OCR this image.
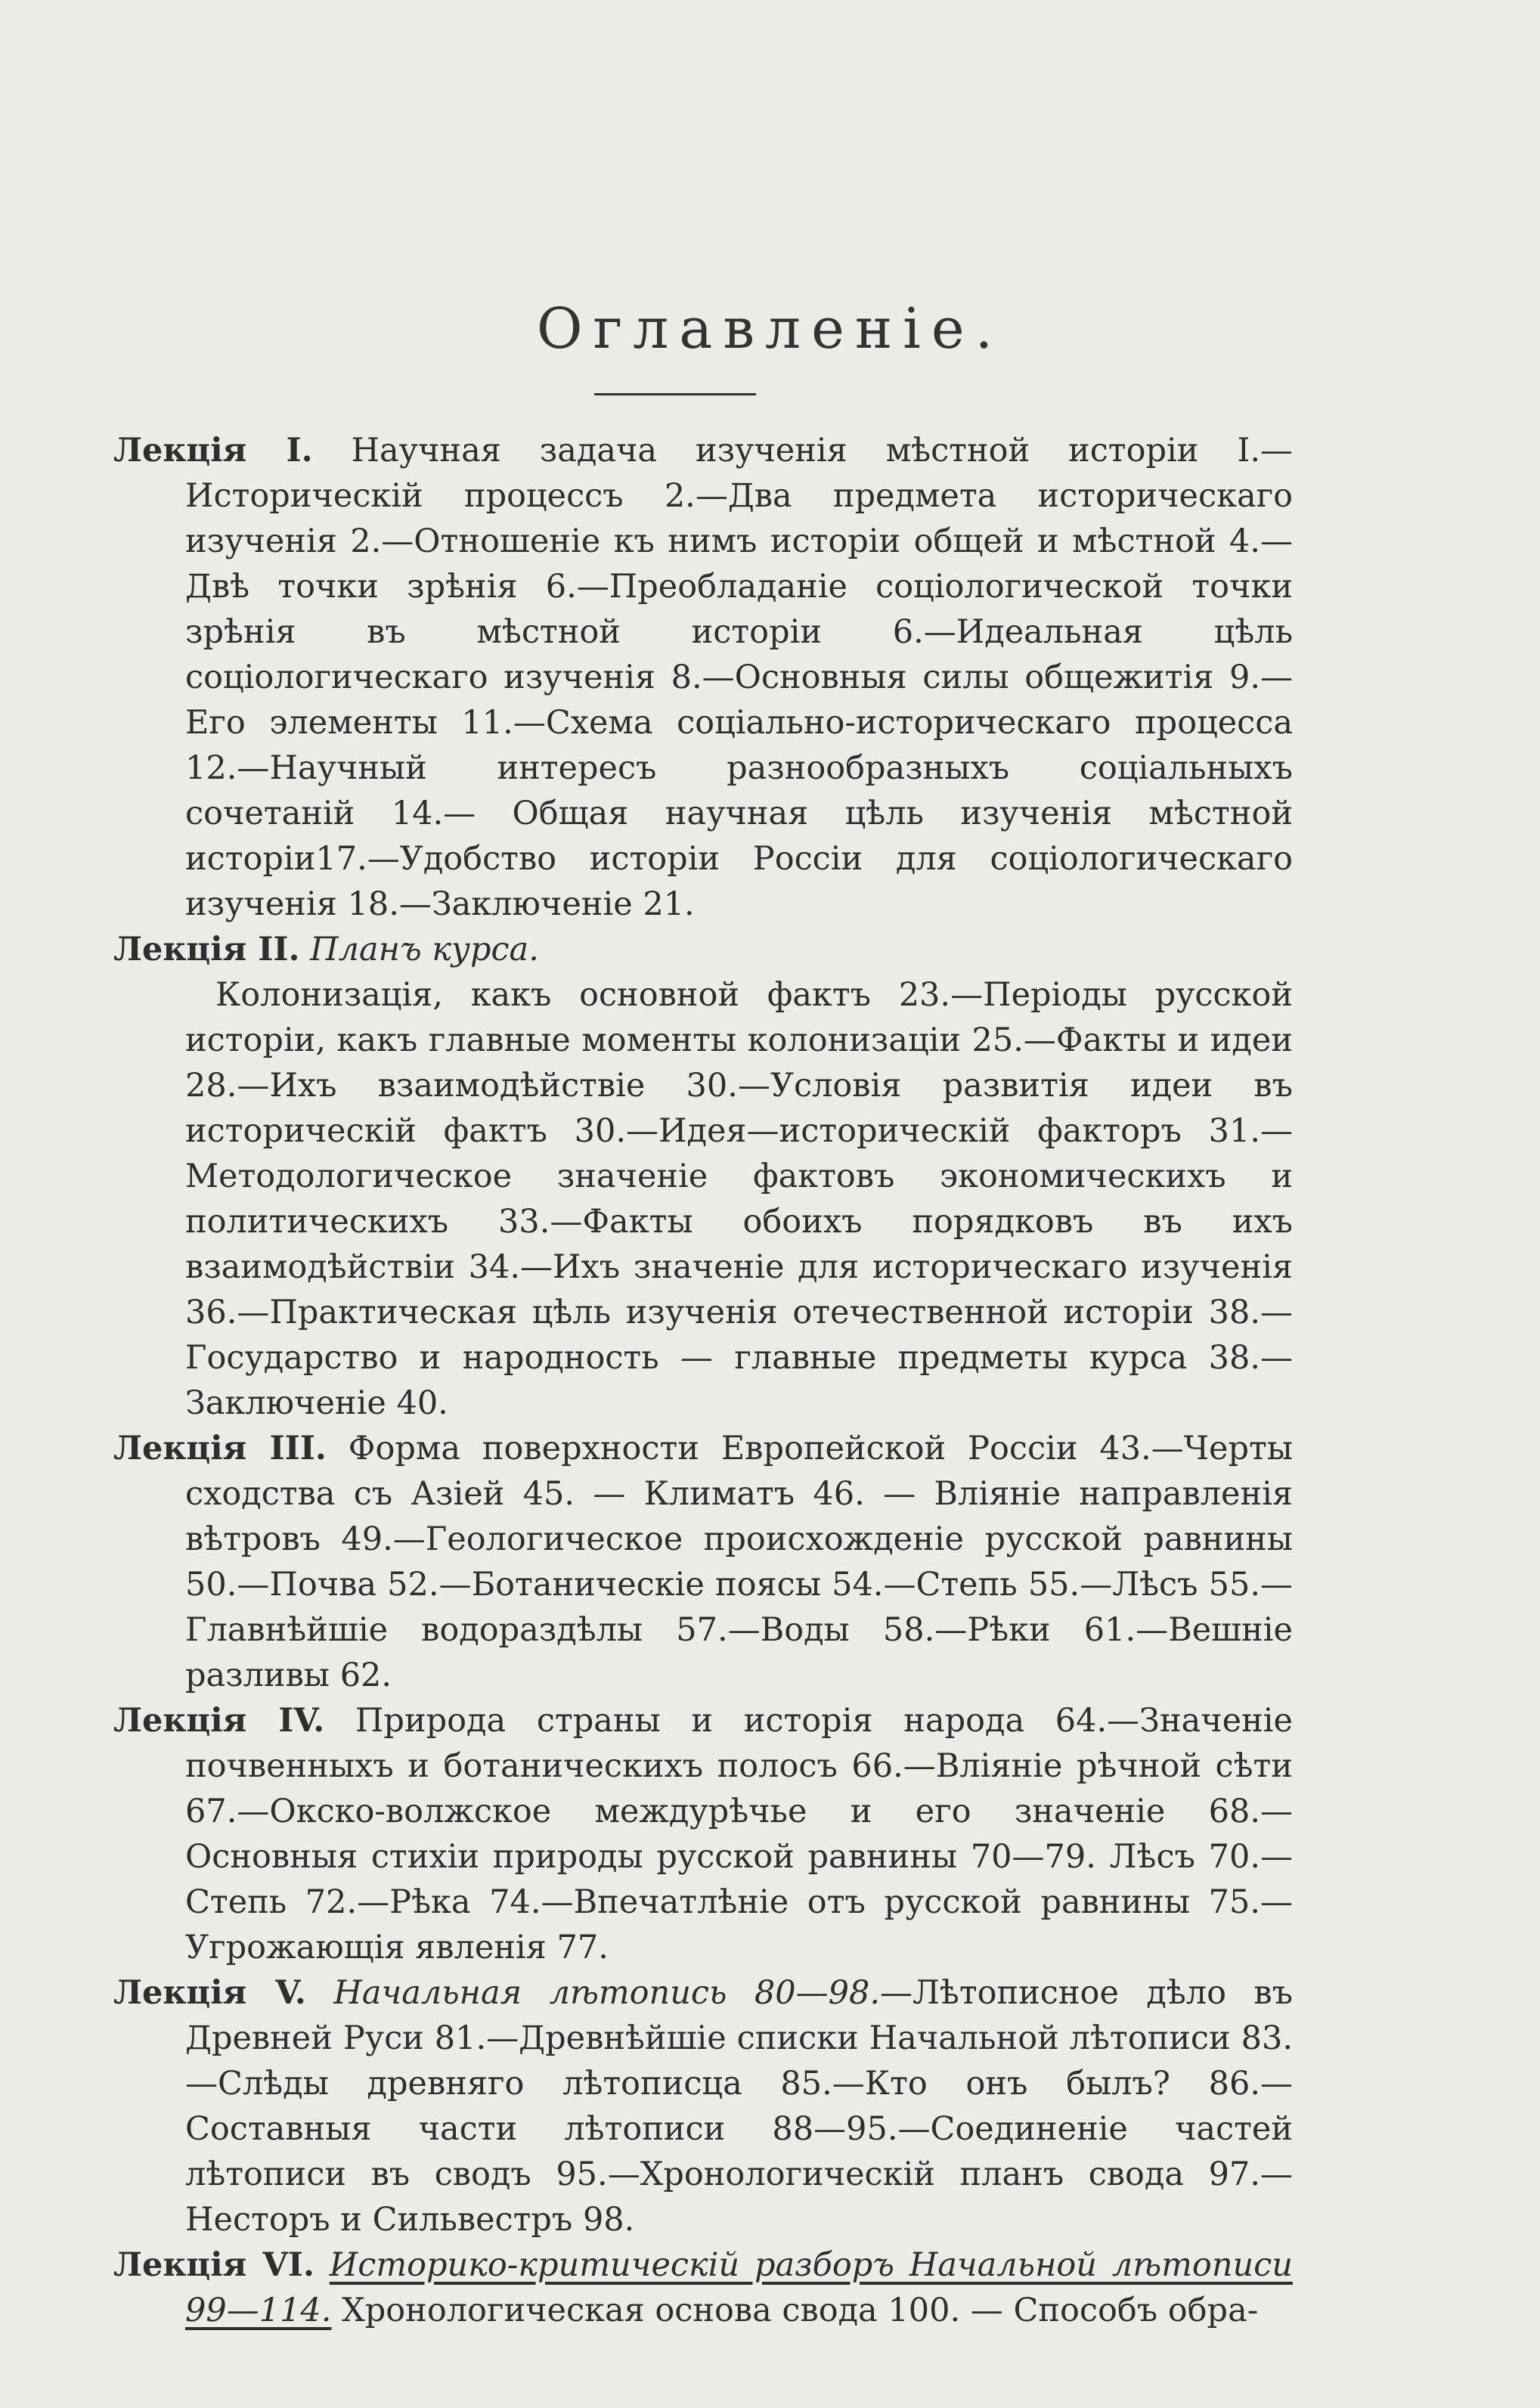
Оглавленіе.

Лекція I. Научная задача изученія мѣстной исторіи I.—Историческій процессъ 2.—Два предмета историческаго изученія 2.—Отношеніе къ нимъ исторіи общей и мѣстной 4.—Двѣ точки зрѣнія 6.—Преобладаніе соціологической точки зрѣнія въ мѣстной исторіи 6.—Идеальная цѣль соціологическаго изученія 8.—Основныя силы общежитія 9.—Его элементы 11.—Схема соціально-историческаго процесса 12.—Научный интересъ разнообразныхъ соціальныхъ сочетаній 14.— Общая научная цѣль изученія мѣстной исторіи17.—Удобство исторіи Россіи для соціологическаго изученія 18.—Заключеніе 21.

Лекція II. Планъ курса.

Колонизація, какъ основной фактъ 23.—Періоды русской исторіи, какъ главные моменты колонизаціи 25.—Факты и идеи 28.—Ихъ взаимодѣйствіе 30.—Условія развитія идеи въ историческій фактъ 30.—Идея—историческій факторъ 31.—Методологическое значеніе фактовъ экономическихъ и политическихъ 33.—Факты обоихъ порядковъ въ ихъ взаимодѣйствіи 34.—Ихъ значеніе для историческаго изученія 36.—Практическая цѣль изученія отечественной исторіи 38.—Государство и народность — главные предметы курса 38.—Заключеніе 40.

Лекція III. Форма поверхности Европейской Россіи 43.—Черты сходства съ Азіей 45. — Климатъ 46. — Вліяніе направленія вѣтровъ 49.—Геологическое происхожденіе русской равнины 50.—Почва 52.—Ботаническіе поясы 54.—Степь 55.—Лѣсъ 55.—Главнѣйшіе водораздѣлы 57.—Воды 58.—Рѣки 61.—Вешніе разливы 62.

Лекція IV. Природа страны и исторія народа 64.—Значеніе почвенныхъ и ботаническихъ полосъ 66.—Вліяніе рѣчной сѣти 67.—Окско-волжское междурѣчье и его значеніе 68.—Основныя стихіи природы русской равнины 70—79. Лѣсъ 70.—Степь 72.—Рѣка 74.—Впечатлѣніе отъ русской равнины 75.—Угрожающія явленія 77.

Лекція V. Начальная лѣтопись 80—98.—Лѣтописное дѣло въ Древней Руси 81.—Древнѣйшіе списки Начальной лѣтописи 83.—Слѣды древняго лѣтописца 85.—Кто онъ былъ? 86.—Составныя части лѣтописи 88—95.—Соединеніе частей лѣтописи въ сводъ 95.—Хронологическій планъ свода 97.—Несторъ и Сильвестръ 98.

Лекція VI. Историко-критическій разборъ Начальной лѣтописи 99—114. Хронологическая основа свода 100. — Способъ обра-
